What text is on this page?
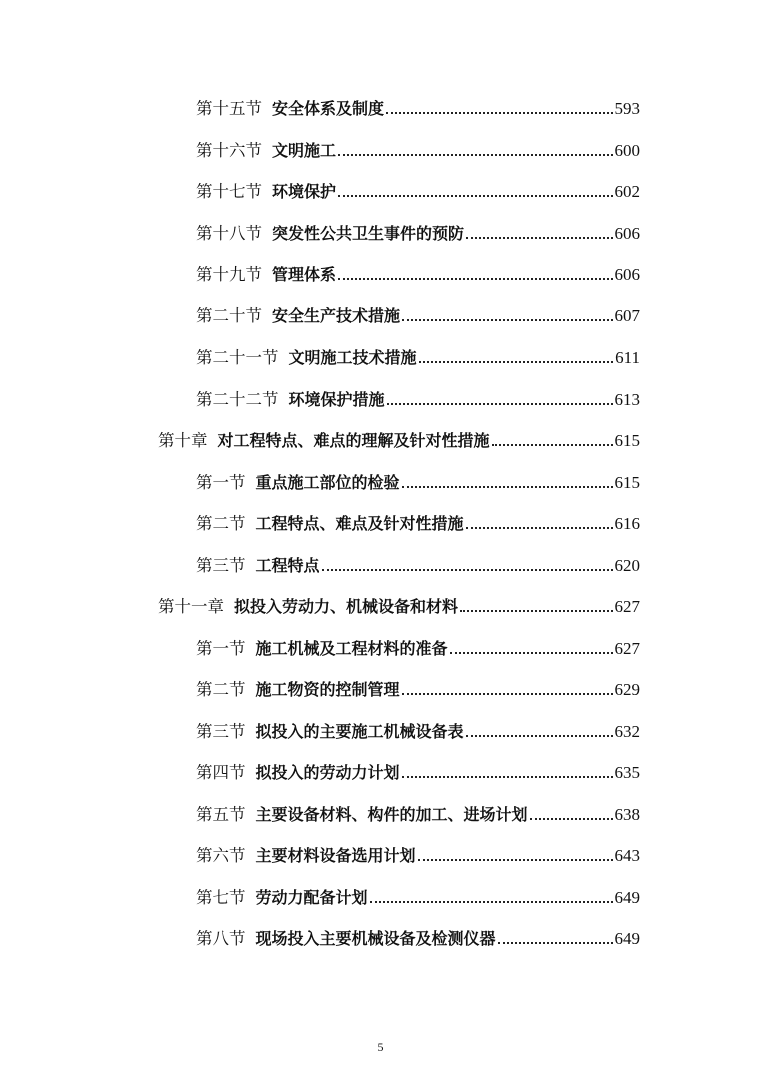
第十五节 安全体系及制度	593
第十六节 文明施工	600
第十七节 环境保护	602
第十八节 突发性公共卫生事件的预防	606
第十九节 管理体系	606
第二十节 安全生产技术措施	607
第二十一节 文明施工技术措施	611
第二十二节 环境保护措施	613
第十章 对工程特点、难点的理解及针对性措施	615
第一节 重点施工部位的检验	615
第二节 工程特点、难点及针对性措施	616
第三节 工程特点	620
第十一章 拟投入劳动力、机械设备和材料	627
第一节 施工机械及工程材料的准备	627
第二节 施工物资的控制管理	629
第三节 拟投入的主要施工机械设备表	632
第四节 拟投入的劳动力计划	635
第五节 主要设备材料、构件的加工、进场计划	638
第六节 主要材料设备选用计划	643
第七节 劳动力配备计划	649
第八节 现场投入主要机械设备及检测仪器	649
5
